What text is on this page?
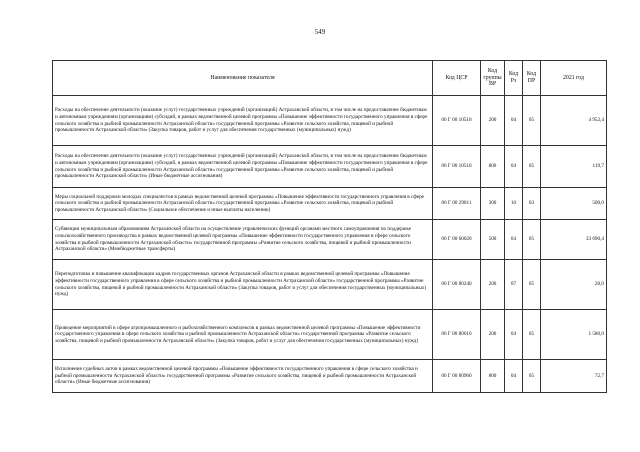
549
Наименование показателя	Код ЦСР	Код группы ВР	Код Рз	Код ПР	2021 год
Расходы на обеспечение деятельности (оказание услуг) государственных учреждений (организаций) Астраханской области, в том числе на предоставление бюджетным и автономным учреждениям (организациям) субсидий, в рамках ведомственной целевой программы «Повышение эффективности государственного управления в сфере сельского хозяйства и рыбной промышленности Астраханской области» государственной программы «Развитие сельского хозяйства, пищевой и рыбной промышленности Астраханской области» (Закупка товаров, работ и услуг для обеспечения государственных (муниципальных) нужд)	06 Г 00 10510	200	04	05	4 952,4
Расходы на обеспечение деятельности (оказание услуг) государственных учреждений (организаций) Астраханской области, в том числе на предоставление бюджетным и автономным учреждениям (организациям) субсидий, в рамках ведомственной целевой программы «Повышение эффективности государственного управления в сфере сельского хозяйства и рыбной промышленности Астраханской области» государственной программы «Развитие сельского хозяйства, пищевой и рыбной промышленности Астраханской области» (Иные бюджетные ассигнования)	06 Г 00 10510	800	04	05	119,7
Меры социальной поддержки молодых специалистов в рамках ведомственной целевой программы «Повышение эффективности государственного управления в сфере сельского хозяйства и рыбной промышленности Астраханской области» государственной программы «Развитие сельского хозяйства, пищевой и рыбной промышленности Астраханской области» (Социальное обеспечение и иные выплаты населению)	06 Г 00 29011	300	10	03	500,0
Субвенции муниципальным образованиям Астраханской области на осуществление управленческих функций органами местного самоуправления по поддержке сельскохозяйственного производства в рамках ведомственной целевой программы «Повышение эффективности государственного управления в сфере сельского хозяйства и рыбной промышленности Астраханской области» государственной программы «Развитие сельского хозяйства, пищевой и рыбной промышленности Астраханской области» (Межбюджетные трансферты)	06 Г 00 60020	500	04	05	33 690,4
Переподготовка и повышение квалификации кадров государственных органов Астраханской области в рамках ведомственной целевой программы «Повышение эффективности государственного управления в сфере сельского хозяйства и рыбной промышленности Астраханской области» государственной программы «Развитие сельского хозяйства, пищевой и рыбной промышленности Астраханской области» (Закупка товаров, работ и услуг для обеспечения государственных (муниципальных) нужд)	06 Г 00 80240	200	07	05	20,0
Проведение мероприятий в сфере агропромышленного и рыбохозяйственного комплексов в рамках ведомственной целевой программы «Повышение эффективности государственного управления в сфере сельского хозяйства и рыбной промышленности Астраханской области» государственной программы «Развитие сельского хозяйства, пищевой и рыбной промышленности Астраханской области» (Закупка товаров, работ и услуг для обеспечения государственных (муниципальных) нужд)	06 Г 00 80610	200	04	05	1 580,0
Исполнение судебных актов в рамках ведомственной целевой программы «Повышение эффективности государственного управления в сфере сельского хозяйства и рыбной промышленности Астраханской области» государственной программы «Развитие сельского хозяйства, пищевой и рыбной промышленности Астраханской области» (Иные бюджетные ассигнования)	06 Г 00 80960	800	04	05	72,7
